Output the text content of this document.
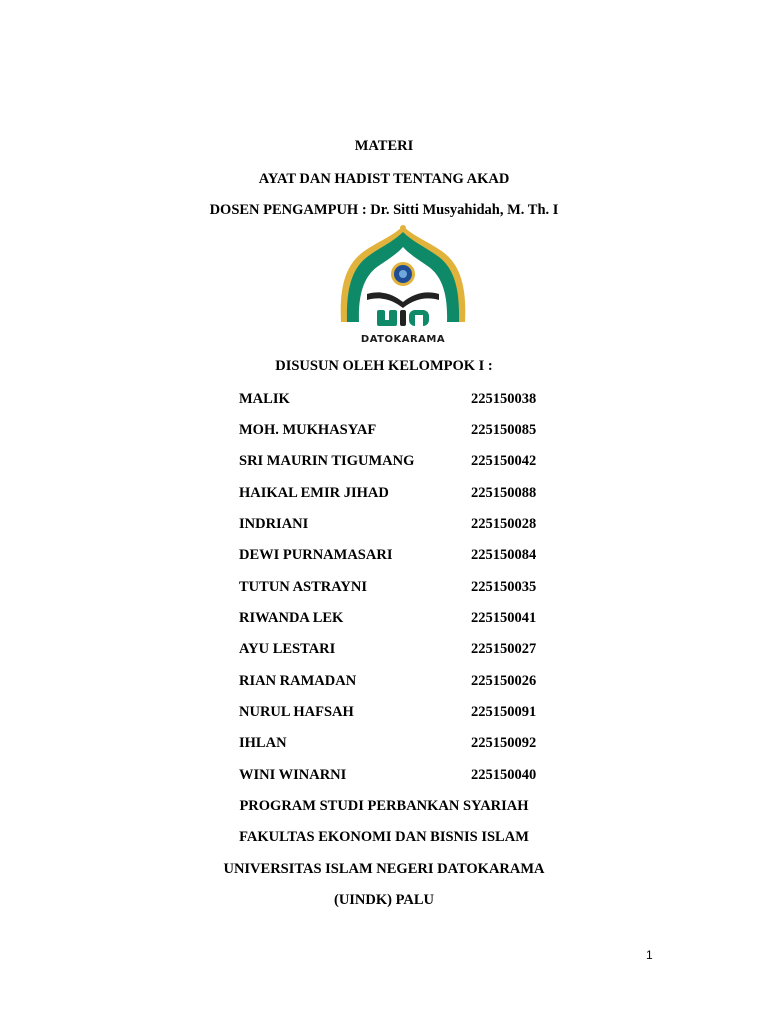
MATERI
AYAT DAN HADIST TENTANG AKAD
DOSEN PENGAMPUH : Dr. Sitti Musyahidah, M. Th. I
DATOKARAMA
DISUSUN OLEH KELOMPOK I :
MALIK	225150038
MOH. MUKHASYAF	225150085
SRI MAURIN TIGUMANG	225150042
HAIKAL EMIR JIHAD	225150088
INDRIANI	225150028
DEWI PURNAMASARI	225150084
TUTUN ASTRAYNI	225150035
RIWANDA LEK	225150041
AYU LESTARI	225150027
RIAN RAMADAN	225150026
NURUL HAFSAH	225150091
IHLAN	225150092
WINI WINARNI	225150040
PROGRAM STUDI PERBANKAN SYARIAH
FAKULTAS EKONOMI DAN BISNIS ISLAM
UNIVERSITAS ISLAM NEGERI DATOKARAMA
(UINDK) PALU
1
